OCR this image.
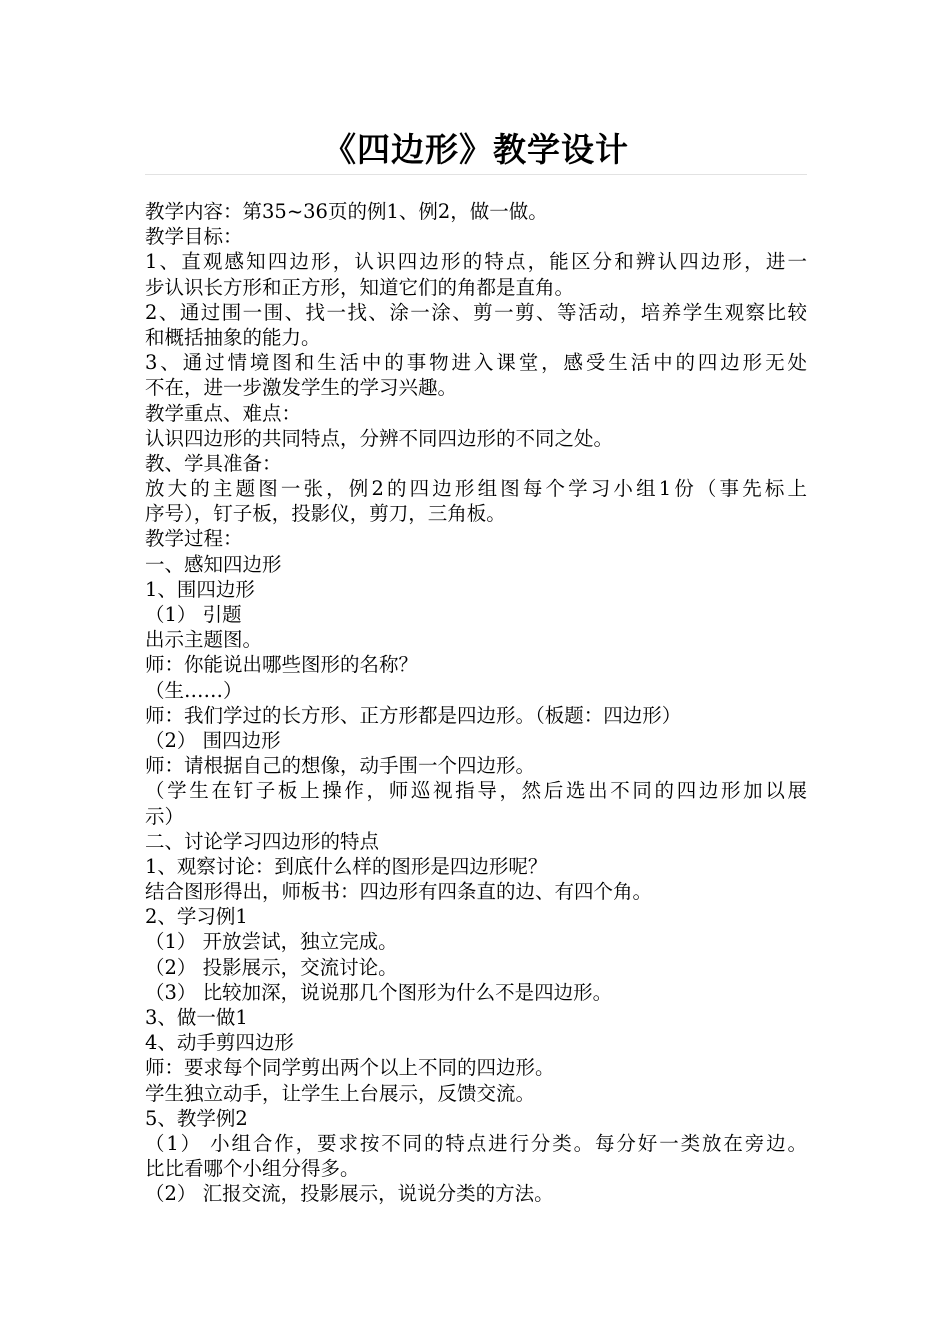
《四边形》教学设计
教学内容：第35~36页的例1、例2，做一做。
教学目标：
1、直观感知四边形，认识四边形的特点，能区分和辨认四边形，进一
步认识长方形和正方形，知道它们的角都是直角。
2、通过围一围、找一找、涂一涂、剪一剪、等活动，培养学生观察比较
和概括抽象的能力。
3、通过情境图和生活中的事物进入课堂，感受生活中的四边形无处
不在，进一步激发学生的学习兴趣。
教学重点、难点：
认识四边形的共同特点，分辨不同四边形的不同之处。
教、学具准备：
放大的主题图一张，例2的四边形组图每个学习小组1份（事先标上
序号），钉子板，投影仪，剪刀，三角板。
教学过程：
一、感知四边形
1、围四边形
（1） 引题
出示主题图。
师：你能说出哪些图形的名称？
（生……）
师：我们学过的长方形、正方形都是四边形。（板题：四边形）
（2） 围四边形
师：请根据自己的想像，动手围一个四边形。
（学生在钉子板上操作，师巡视指导，然后选出不同的四边形加以展
示）
二、讨论学习四边形的特点
1、观察讨论：到底什么样的图形是四边形呢？
结合图形得出，师板书：四边形有四条直的边、有四个角。
2、学习例1
（1） 开放尝试，独立完成。
（2） 投影展示，交流讨论。
（3） 比较加深，说说那几个图形为什么不是四边形。
3、做一做1
4、动手剪四边形
师：要求每个同学剪出两个以上不同的四边形。
学生独立动手，让学生上台展示，反馈交流。
5、教学例2
（1） 小组合作，要求按不同的特点进行分类。每分好一类放在旁边。
比比看哪个小组分得多。
（2） 汇报交流，投影展示，说说分类的方法。
